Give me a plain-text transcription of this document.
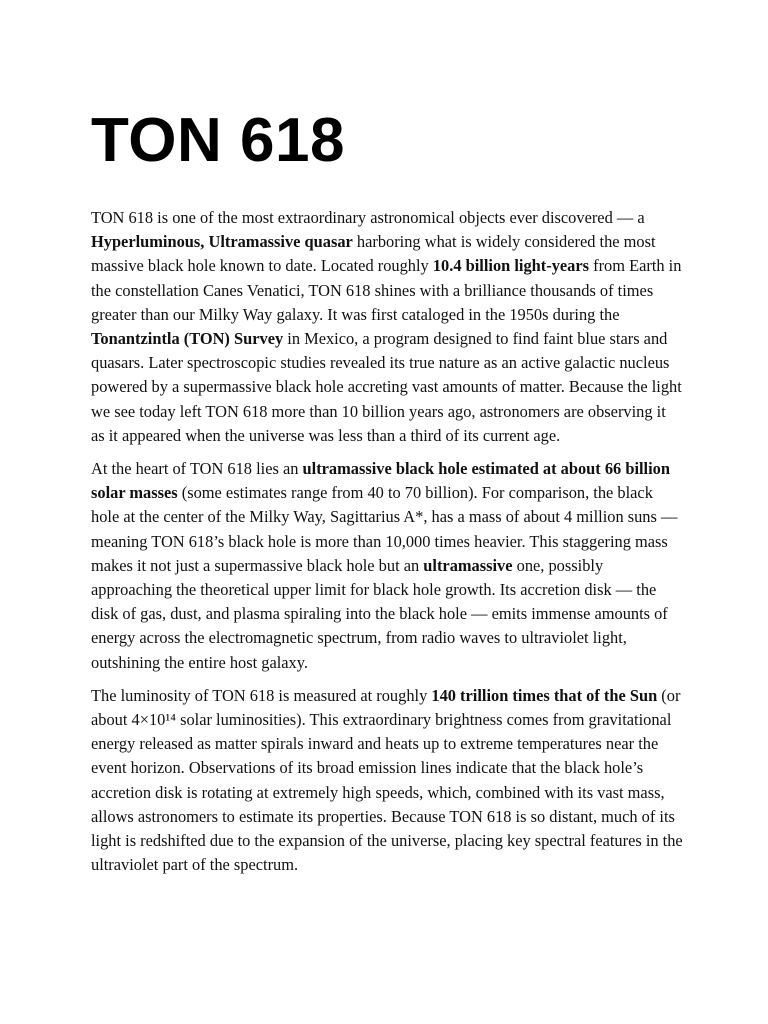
TON 618

TON 618 is one of the most extraordinary astronomical objects ever discovered — a Hyperluminous, Ultramassive quasar harboring what is widely considered the most massive black hole known to date. Located roughly 10.4 billion light-years from Earth in the constellation Canes Venatici, TON 618 shines with a brilliance thousands of times greater than our Milky Way galaxy. It was first cataloged in the 1950s during the Tonantzintla (TON) Survey in Mexico, a program designed to find faint blue stars and quasars. Later spectroscopic studies revealed its true nature as an active galactic nucleus powered by a supermassive black hole accreting vast amounts of matter. Because the light we see today left TON 618 more than 10 billion years ago, astronomers are observing it as it appeared when the universe was less than a third of its current age.

At the heart of TON 618 lies an ultramassive black hole estimated at about 66 billion solar masses (some estimates range from 40 to 70 billion). For comparison, the black hole at the center of the Milky Way, Sagittarius A*, has a mass of about 4 million suns — meaning TON 618’s black hole is more than 10,000 times heavier. This staggering mass makes it not just a supermassive black hole but an ultramassive one, possibly approaching the theoretical upper limit for black hole growth. Its accretion disk — the disk of gas, dust, and plasma spiraling into the black hole — emits immense amounts of energy across the electromagnetic spectrum, from radio waves to ultraviolet light, outshining the entire host galaxy.

The luminosity of TON 618 is measured at roughly 140 trillion times that of the Sun (or about 4×10¹⁴ solar luminosities). This extraordinary brightness comes from gravitational energy released as matter spirals inward and heats up to extreme temperatures near the event horizon. Observations of its broad emission lines indicate that the black hole’s accretion disk is rotating at extremely high speeds, which, combined with its vast mass, allows astronomers to estimate its properties. Because TON 618 is so distant, much of its light is redshifted due to the expansion of the universe, placing key spectral features in the ultraviolet part of the spectrum.
